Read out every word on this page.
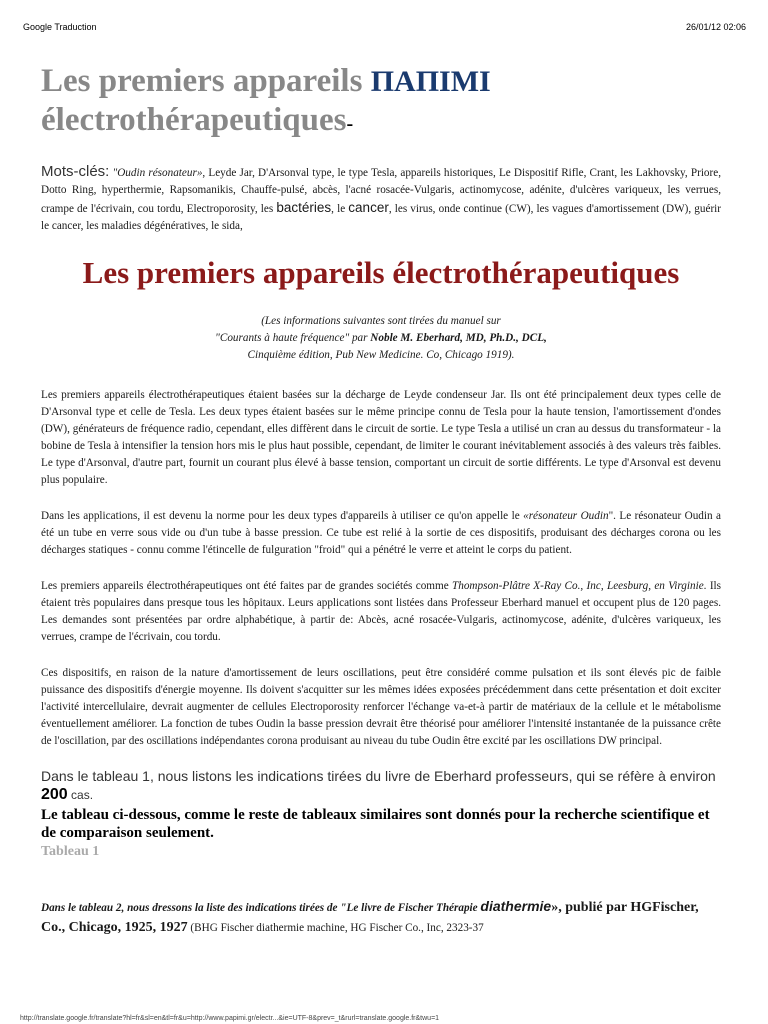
Google Traduction	26/01/12 02:06
Les premiers appareils ΠΑΠΙΜΙ
électrothérapeutiques-
Mots-clés: "Oudin résonateur», Leyde Jar, D'Arsonval type, le type Tesla, appareils historiques, Le Dispositif Rifle, Crant, les Lakhovsky, Priore, Dotto Ring, hyperthermie, Rapsomanikis, Chauffe-pulsé, abcès, l'acné rosacée-Vulgaris, actinomycose, adénite, d'ulcères variqueux, les verrues, crampe de l'écrivain, cou tordu, Electroporosity, les bactéries, le cancer, les virus, onde continue (CW), les vagues d'amortissement (DW), guérir le cancer, les maladies dégénératives, le sida,
Les premiers appareils électrothérapeutiques
(Les informations suivantes sont tirées du manuel sur
"Courants à haute fréquence" par Noble M. Eberhard, MD, Ph.D., DCL,
Cinquième édition, Pub New Medicine. Co, Chicago 1919).

Les premiers appareils électrothérapeutiques étaient basées sur la décharge de Leyde condenseur Jar. Ils ont été principalement deux types celle de D'Arsonval type et celle de Tesla. Les deux types étaient basées sur le même principe connu de Tesla pour la haute tension, l'amortissement d'ondes (DW), générateurs de fréquence radio, cependant, elles diffèrent dans le circuit de sortie. Le type Tesla a utilisé un cran au dessus du transformateur - la bobine de Tesla à intensifier la tension hors mis le plus haut possible, cependant, de limiter le courant inévitablement associés à des valeurs très faibles. Le type d'Arsonval, d'autre part, fournit un courant plus élevé à basse tension, comportant un circuit de sortie différents. Le type d'Arsonval est devenu plus populaire.

Dans les applications, il est devenu la norme pour les deux types d'appareils à utiliser ce qu'on appelle le «résonateur Oudin". Le résonateur Oudin a été un tube en verre sous vide ou d'un tube à basse pression. Ce tube est relié à la sortie de ces dispositifs, produisant des décharges corona ou les décharges statiques - connu comme l'étincelle de fulguration "froid" qui a pénétré le verre et atteint le corps du patient.

Les premiers appareils électrothérapeutiques ont été faites par de grandes sociétés comme Thompson-Plâtre X-Ray Co., Inc, Leesburg, en Virginie. Ils étaient très populaires dans presque tous les hôpitaux. Leurs applications sont listées dans Professeur Eberhard manuel et occupent plus de 120 pages. Les demandes sont présentées par ordre alphabétique, à partir de: Abcès, acné rosacée-Vulgaris, actinomycose, adénite, d'ulcères variqueux, les verrues, crampe de l'écrivain, cou tordu.

Ces dispositifs, en raison de la nature d'amortissement de leurs oscillations, peut être considéré comme pulsation et ils sont élevés pic de faible puissance des dispositifs d'énergie moyenne. Ils doivent s'acquitter sur les mêmes idées exposées précédemment dans cette présentation et doit exciter l'activité intercellulaire, devrait augmenter de cellules Electroporosity renforcer l'échange va-et-à partir de matériaux de la cellule et le métabolisme éventuellement améliorer. La fonction de tubes Oudin la basse pression devrait être théorisé pour améliorer l'intensité instantanée de la puissance crête de l'oscillation, par des oscillations indépendantes corona produisant au niveau du tube Oudin être excité par les oscillations DW principal.

Dans le tableau 1, nous listons les indications tirées du livre de Eberhard professeurs, qui se réfère à environ 200 cas.
Le tableau ci-dessous, comme le reste de tableaux similaires sont donnés pour la recherche scientifique et de comparaison seulement.
Tableau 1
Dans le tableau 2, nous dressons la liste des indications tirées de "Le livre de Fischer Thérapie diathermie», publié par HGFischer, Co., Chicago, 1925, 1927 (BHG Fischer diathermie machine, HG Fischer Co., Inc, 2323-37
http://translate.google.fr/translate?hl=fr&sl=en&tl=fr&u=http://www.papimi.gr/electr...&ie=UTF-8&prev=_t&rurl=translate.google.fr&twu=1
